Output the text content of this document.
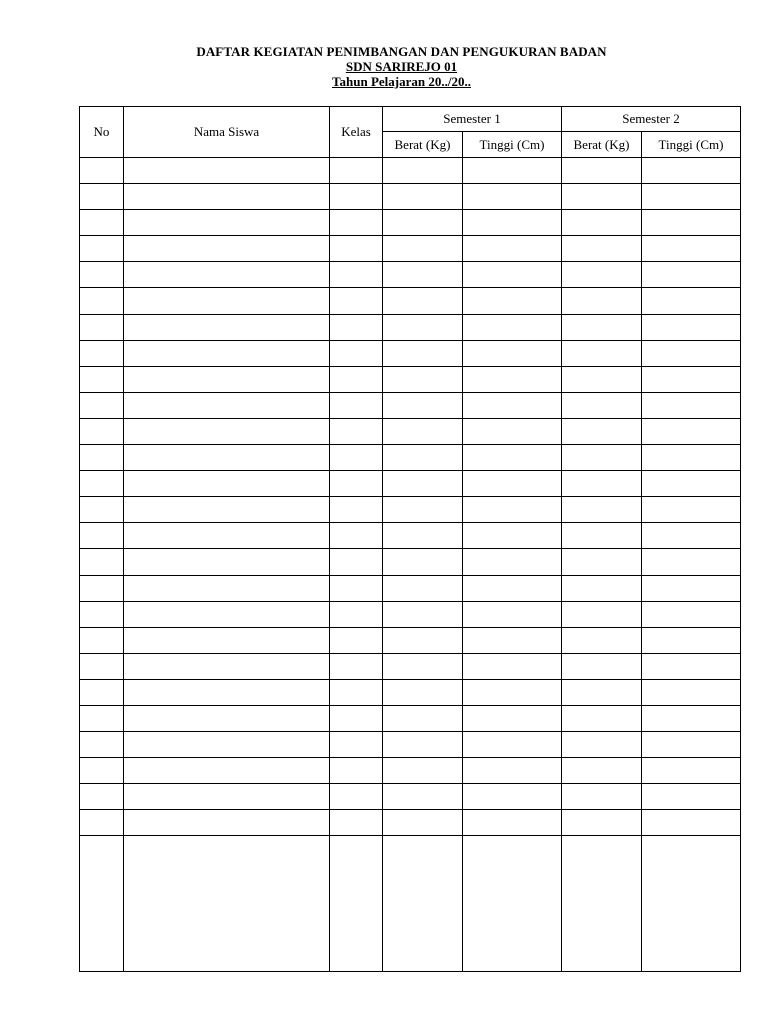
DAFTAR KEGIATAN PENIMBANGAN DAN PENGUKURAN BADAN
SDN SARIREJO 01
Tahun Pelajaran 20../20..
No	Nama Siswa	Kelas	Semester 1		Semester 2	
			Berat (Kg)	Tinggi (Cm)	Berat (Kg)	Tinggi (Cm)
